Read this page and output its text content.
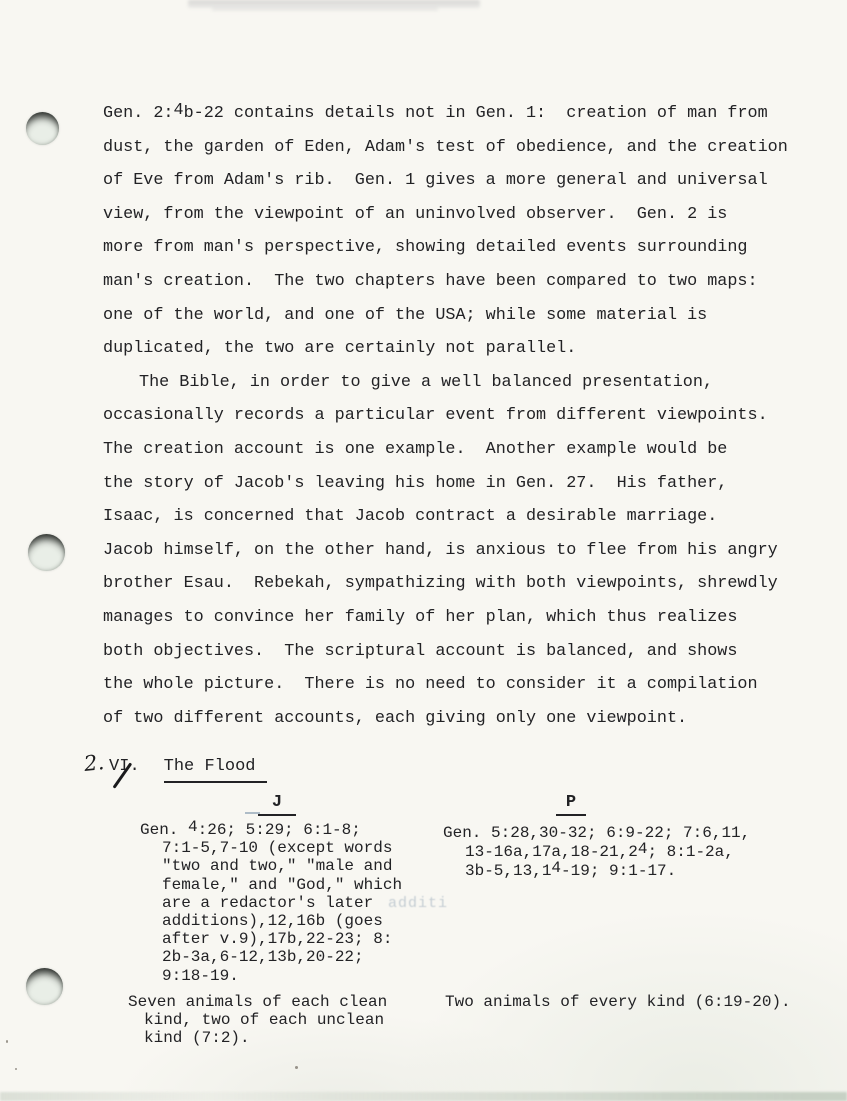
Gen. 2:4b-22 contains details not in Gen. 1:  creation of man from
dust, the garden of Eden, Adam's test of obedience, and the creation
of Eve from Adam's rib.  Gen. 1 gives a more general and universal
view, from the viewpoint of an uninvolved observer.  Gen. 2 is
more from man's perspective, showing detailed events surrounding
man's creation.  The two chapters have been compared to two maps:
one of the world, and one of the USA; while some material is
duplicated, the two are certainly not parallel.
The Bible, in order to give a well balanced presentation,
occasionally records a particular event from different viewpoints.
The creation account is one example.  Another example would be
the story of Jacob's leaving his home in Gen. 27.  His father,
Isaac, is concerned that Jacob contract a desirable marriage.
Jacob himself, on the other hand, is anxious to flee from his angry
brother Esau.  Rebekah, sympathizing with both viewpoints, shrewdly
manages to convince her family of her plan, which thus realizes
both objectives.  The scriptural account is balanced, and shows
the whole picture.  There is no need to consider it a compilation
of two different accounts, each giving only one viewpoint.
2. VI. The Flood
J	P
Gen. 4:26; 5:29; 6:1-8;
7:1-5,7-10 (except words
"two and two," "male and
female," and "God," which
are a redactor's later
additions),12,16b (goes
after v.9),17b,22-23; 8:
2b-3a,6-12,13b,20-22;
9:18-19.
additi
Gen. 5:28,30-32; 6:9-22; 7:6,11,
13-16a,17a,18-21,24; 8:1-2a,
3b-5,13,14-19; 9:1-17.
Seven animals of each clean
kind, two of each unclean
kind (7:2).
Two animals of every kind (6:19-20).
